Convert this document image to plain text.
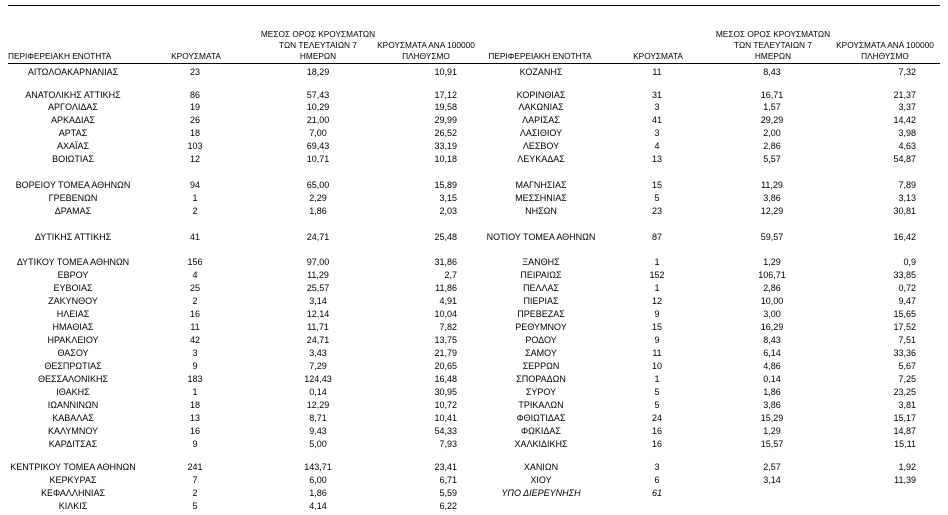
ΠΕΡΙΦΕΡΕΙΑΚΗ ΕΝΟΤΗΤΑ	ΚΡΟΥΣΜΑΤΑ
ΜΕΣΟΣ ΟΡΟΣ ΚΡΟΥΣΜΑΤΩΝ
ΤΩΝ ΤΕΛΕΥΤΑΙΩΝ 7
ΗΜΕΡΩΝ
ΚΡΟΥΣΜΑΤΑ ΑΝΑ 100000
ΠΛΗΘΥΣΜΟ	ΠΕΡΙΦΕΡΕΙΑΚΗ ΕΝΟΤΗΤΑ	ΚΡΟΥΣΜΑΤΑ
ΜΕΣΟΣ ΟΡΟΣ ΚΡΟΥΣΜΑΤΩΝ
ΤΩΝ ΤΕΛΕΥΤΑΙΩΝ 7
ΗΜΕΡΩΝ
ΚΡΟΥΣΜΑΤΑ ΑΝΑ 100000
ΠΛΗΘΥΣΜΟ
ΑΙΤΩΛΟΑΚΑΡΝΑΝΙΑΣ	23	18,29	10,91
ΑΝΑΤΟΛΙΚΗΣ ΑΤΤΙΚΗΣ	86	57,43	17,12
ΑΡΓΟΛΙΔΑΣ	19	10,29	19,58
ΑΡΚΑΔΙΑΣ	26	21,00	29,99
ΑΡΤΑΣ	18	7,00	26,52
ΑΧΑΪΑΣ	103	69,43	33,19
ΒΟΙΩΤΙΑΣ	12	10,71	10,18
ΒΟΡΕΙΟΥ ΤΟΜΕΑ ΑΘΗΝΩΝ	94	65,00	15,89
ΓΡΕΒΕΝΩΝ	1	2,29	3,15
ΔΡΑΜΑΣ	2	1,86	2,03
ΔΥΤΙΚΗΣ ΑΤΤΙΚΗΣ	41	24,71	25,48
ΔΥΤΙΚΟΥ ΤΟΜΕΑ ΑΘΗΝΩΝ	156	97,00	31,86
ΕΒΡΟΥ	4	11,29	2,7
ΕΥΒΟΙΑΣ	25	25,57	11,86
ΖΑΚΥΝΘΟΥ	2	3,14	4,91
ΗΛΕΙΑΣ	16	12,14	10,04
ΗΜΑΘΙΑΣ	11	11,71	7,82
ΗΡΑΚΛΕΙΟΥ	42	24,71	13,75
ΘΑΣΟΥ	3	3,43	21,79
ΘΕΣΠΡΩΤΙΑΣ	9	7,29	20,65
ΘΕΣΣΑΛΟΝΙΚΗΣ	183	124,43	16,48
ΙΘΑΚΗΣ	1	0,14	30,95
ΙΩΑΝΝΙΝΩΝ	18	12,29	10,72
ΚΑΒΑΛΑΣ	13	8,71	10,41
ΚΑΛΥΜΝΟΥ	16	9,43	54,33
ΚΑΡΔΙΤΣΑΣ	9	5,00	7,93
ΚΕΝΤΡΙΚΟΥ ΤΟΜΕΑ ΑΘΗΝΩΝ	241	143,71	23,41
ΚΕΡΚΥΡΑΣ	7	6,00	6,71
ΚΕΦΑΛΛΗΝΙΑΣ	2	1,86	5,59
ΚΙΛΚΙΣ	5	4,14	6,22
ΚΟΖΑΝΗΣ	11	8,43	7,32
ΚΟΡΙΝΘΙΑΣ	31	16,71	21,37
ΛΑΚΩΝΙΑΣ	3	1,57	3,37
ΛΑΡΙΣΑΣ	41	29,29	14,42
ΛΑΣΙΘΙΟΥ	3	2,00	3,98
ΛΕΣΒΟΥ	4	2,86	4,63
ΛΕΥΚΑΔΑΣ	13	5,57	54,87
ΜΑΓΝΗΣΙΑΣ	15	11,29	7,89
ΜΕΣΣΗΝΙΑΣ	5	3,86	3,13
ΝΗΣΩΝ	23	12,29	30,81
ΝΟΤΙΟΥ ΤΟΜΕΑ ΑΘΗΝΩΝ	87	59,57	16,42
ΞΑΝΘΗΣ	1	1,29	0,9
ΠΕΙΡΑΙΩΣ	152	106,71	33,85
ΠΕΛΛΑΣ	1	2,86	0,72
ΠΙΕΡΙΑΣ	12	10,00	9,47
ΠΡΕΒΕΖΑΣ	9	3,00	15,65
ΡΕΘΥΜΝΟΥ	15	16,29	17,52
ΡΟΔΟΥ	9	8,43	7,51
ΣΑΜΟΥ	11	6,14	33,36
ΣΕΡΡΩΝ	10	4,86	5,67
ΣΠΟΡΑΔΩΝ	1	0,14	7,25
ΣΥΡΟΥ	5	1,86	23,25
ΤΡΙΚΑΛΩΝ	5	3,86	3,81
ΦΘΙΩΤΙΔΑΣ	24	15,29	15,17
ΦΩΚΙΔΑΣ	16	1,29	14,87
ΧΑΛΚΙΔΙΚΗΣ	16	15,57	15,11
ΧΑΝΙΩΝ	3	2,57	1,92
ΧΙΟΥ	6	3,14	11,39
ΥΠΟ ΔΙΕΡΕΥΝΗΣΗ	61
